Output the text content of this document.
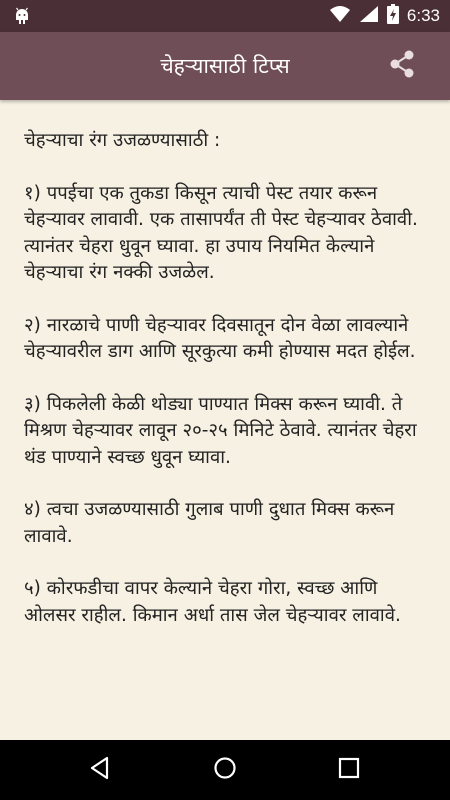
6:33
चेहऱ्यासाठी टिप्स

चेहऱ्याचा रंग उजळण्यासाठी :

१) पपईचा एक तुकडा किसून त्याची पेस्ट तयार करून चेहऱ्यावर लावावी. एक तासापर्यंत ती पेस्ट चेहऱ्यावर ठेवावी. त्यानंतर चेहरा धुवून घ्यावा. हा उपाय नियमित केल्याने चेहऱ्याचा रंग नक्की उजळेल.

२) नारळाचे पाणी चेहऱ्यावर दिवसातून दोन वेळा लावल्याने चेहऱ्यावरील डाग आणि सूरकुत्या कमी होण्यास मदत होईल.

३) पिकलेली केळी थोड्या पाण्यात मिक्स करून घ्यावी. ते मिश्रण चेहऱ्यावर लावून २०-२५ मिनिटे ठेवावे. त्यानंतर चेहरा थंड पाण्याने स्वच्छ धुवून घ्यावा.

४) त्वचा उजळण्यासाठी गुलाब पाणी दुधात मिक्स करून लावावे.

५) कोरफडीचा वापर केल्याने चेहरा गोरा, स्वच्छ आणि ओलसर राहील. किमान अर्धा तास जेल चेहऱ्यावर लावावे.
